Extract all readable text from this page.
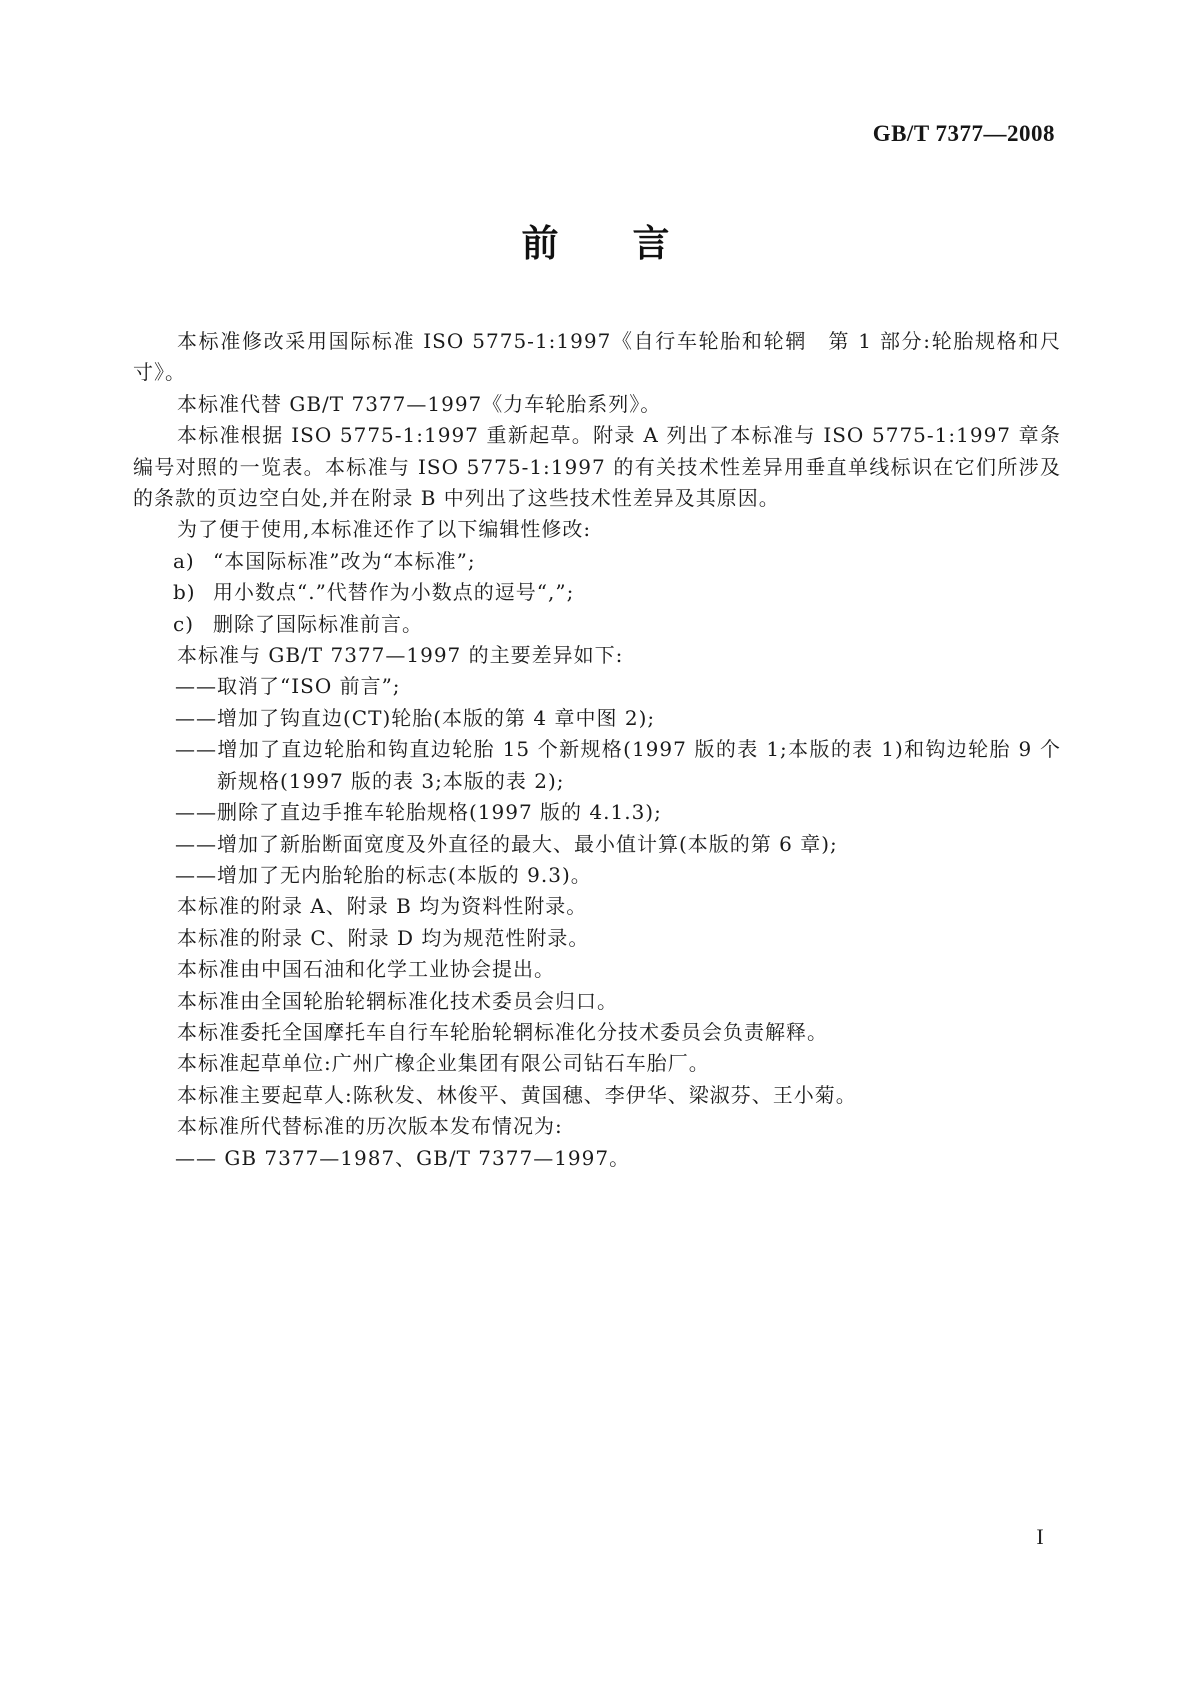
GB/T 7377—2008
前　　言

本标准修改采用国际标准 ISO 5775-1:1997《自行车轮胎和轮辋　第 1 部分:轮胎规格和尺寸》。

本标准代替 GB/T 7377—1997《力车轮胎系列》。

本标准根据 ISO 5775-1:1997 重新起草。附录 A 列出了本标准与 ISO 5775-1:1997 章条编号对照的一览表。本标准与 ISO 5775-1:1997 的有关技术性差异用垂直单线标识在它们所涉及的条款的页边空白处,并在附录 B 中列出了这些技术性差异及其原因。

为了便于使用,本标准还作了以下编辑性修改:

a) “本国际标准”改为“本标准”;

b) 用小数点“.”代替作为小数点的逗号“,”;

c) 删除了国际标准前言。

本标准与 GB/T 7377—1997 的主要差异如下:

——取消了“ISO 前言”;

——增加了钩直边(CT)轮胎(本版的第 4 章中图 2);

——增加了直边轮胎和钩直边轮胎 15 个新规格(1997 版的表 1;本版的表 1)和钩边轮胎 9 个新规格(1997 版的表 3;本版的表 2);

——删除了直边手推车轮胎规格(1997 版的 4.1.3);

——增加了新胎断面宽度及外直径的最大、最小值计算(本版的第 6 章);

——增加了无内胎轮胎的标志(本版的 9.3)。

本标准的附录 A、附录 B 均为资料性附录。

本标准的附录 C、附录 D 均为规范性附录。

本标准由中国石油和化学工业协会提出。

本标准由全国轮胎轮辋标准化技术委员会归口。

本标准委托全国摩托车自行车轮胎轮辋标准化分技术委员会负责解释。

本标准起草单位:广州广橡企业集团有限公司钻石车胎厂。

本标准主要起草人:陈秋发、林俊平、黄国穗、李伊华、梁淑芬、王小菊。

本标准所代替标准的历次版本发布情况为:

—— GB 7377—1987、GB/T 7377—1997。

I
